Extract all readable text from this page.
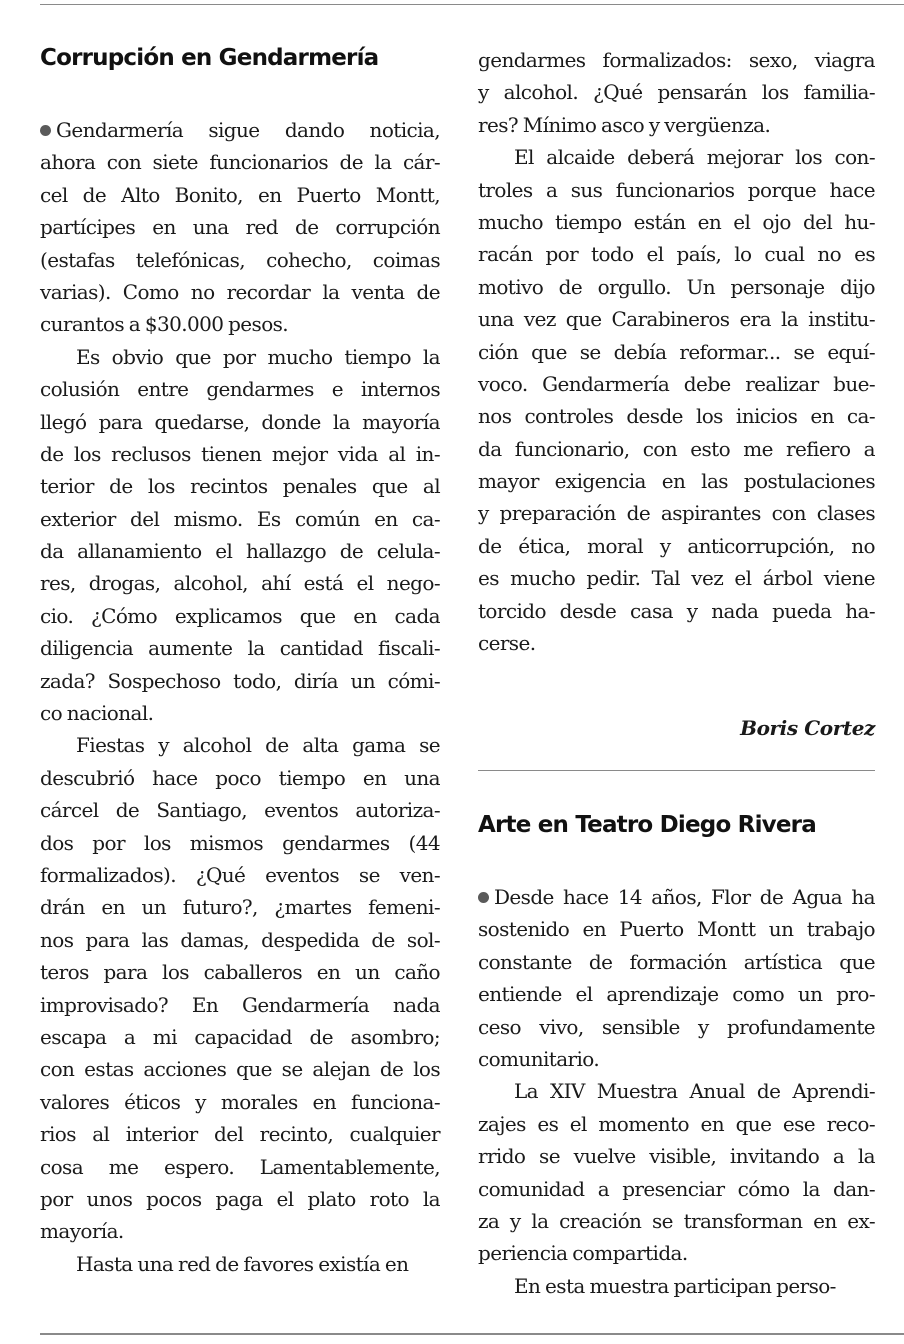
Corrupción en Gendarmería
Gendarmería sigue dando noticia,
ahora con siete funcionarios de la cár-
cel de Alto Bonito, en Puerto Montt,
partícipes en una red de corrupción
(estafas telefónicas, cohecho, coimas
varias). Como no recordar la venta de
curantos a $30.000 pesos.
Es obvio que por mucho tiempo la
colusión entre gendarmes e internos
llegó para quedarse, donde la mayoría
de los reclusos tienen mejor vida al in-
terior de los recintos penales que al
exterior del mismo. Es común en ca-
da allanamiento el hallazgo de celula-
res, drogas, alcohol, ahí está el nego-
cio. ¿Cómo explicamos que en cada
diligencia aumente la cantidad fiscali-
zada? Sospechoso todo, diría un cómi-
co nacional.
Fiestas y alcohol de alta gama se
descubrió hace poco tiempo en una
cárcel de Santiago, eventos autoriza-
dos por los mismos gendarmes (44
formalizados). ¿Qué eventos se ven-
drán en un futuro?, ¿martes femeni-
nos para las damas, despedida de sol-
teros para los caballeros en un caño
improvisado? En Gendarmería nada
escapa a mi capacidad de asombro;
con estas acciones que se alejan de los
valores éticos y morales en funciona-
rios al interior del recinto, cualquier
cosa me espero. Lamentablemente,
por unos pocos paga el plato roto la
mayoría.
Hasta una red de favores existía en
gendarmes formalizados: sexo, viagra
y alcohol. ¿Qué pensarán los familia-
res? Mínimo asco y vergüenza.
El alcaide deberá mejorar los con-
troles a sus funcionarios porque hace
mucho tiempo están en el ojo del hu-
racán por todo el país, lo cual no es
motivo de orgullo. Un personaje dijo
una vez que Carabineros era la institu-
ción que se debía reformar... se equí-
voco. Gendarmería debe realizar bue-
nos controles desde los inicios en ca-
da funcionario, con esto me refiero a
mayor exigencia en las postulaciones
y preparación de aspirantes con clases
de ética, moral y anticorrupción, no
es mucho pedir. Tal vez el árbol viene
torcido desde casa y nada pueda ha-
cerse.
Boris Cortez
Arte en Teatro Diego Rivera
Desde hace 14 años, Flor de Agua ha
sostenido en Puerto Montt un trabajo
constante de formación artística que
entiende el aprendizaje como un pro-
ceso vivo, sensible y profundamente
comunitario.
La XIV Muestra Anual de Aprendi-
zajes es el momento en que ese reco-
rrido se vuelve visible, invitando a la
comunidad a presenciar cómo la dan-
za y la creación se transforman en ex-
periencia compartida.
En esta muestra participan perso-
